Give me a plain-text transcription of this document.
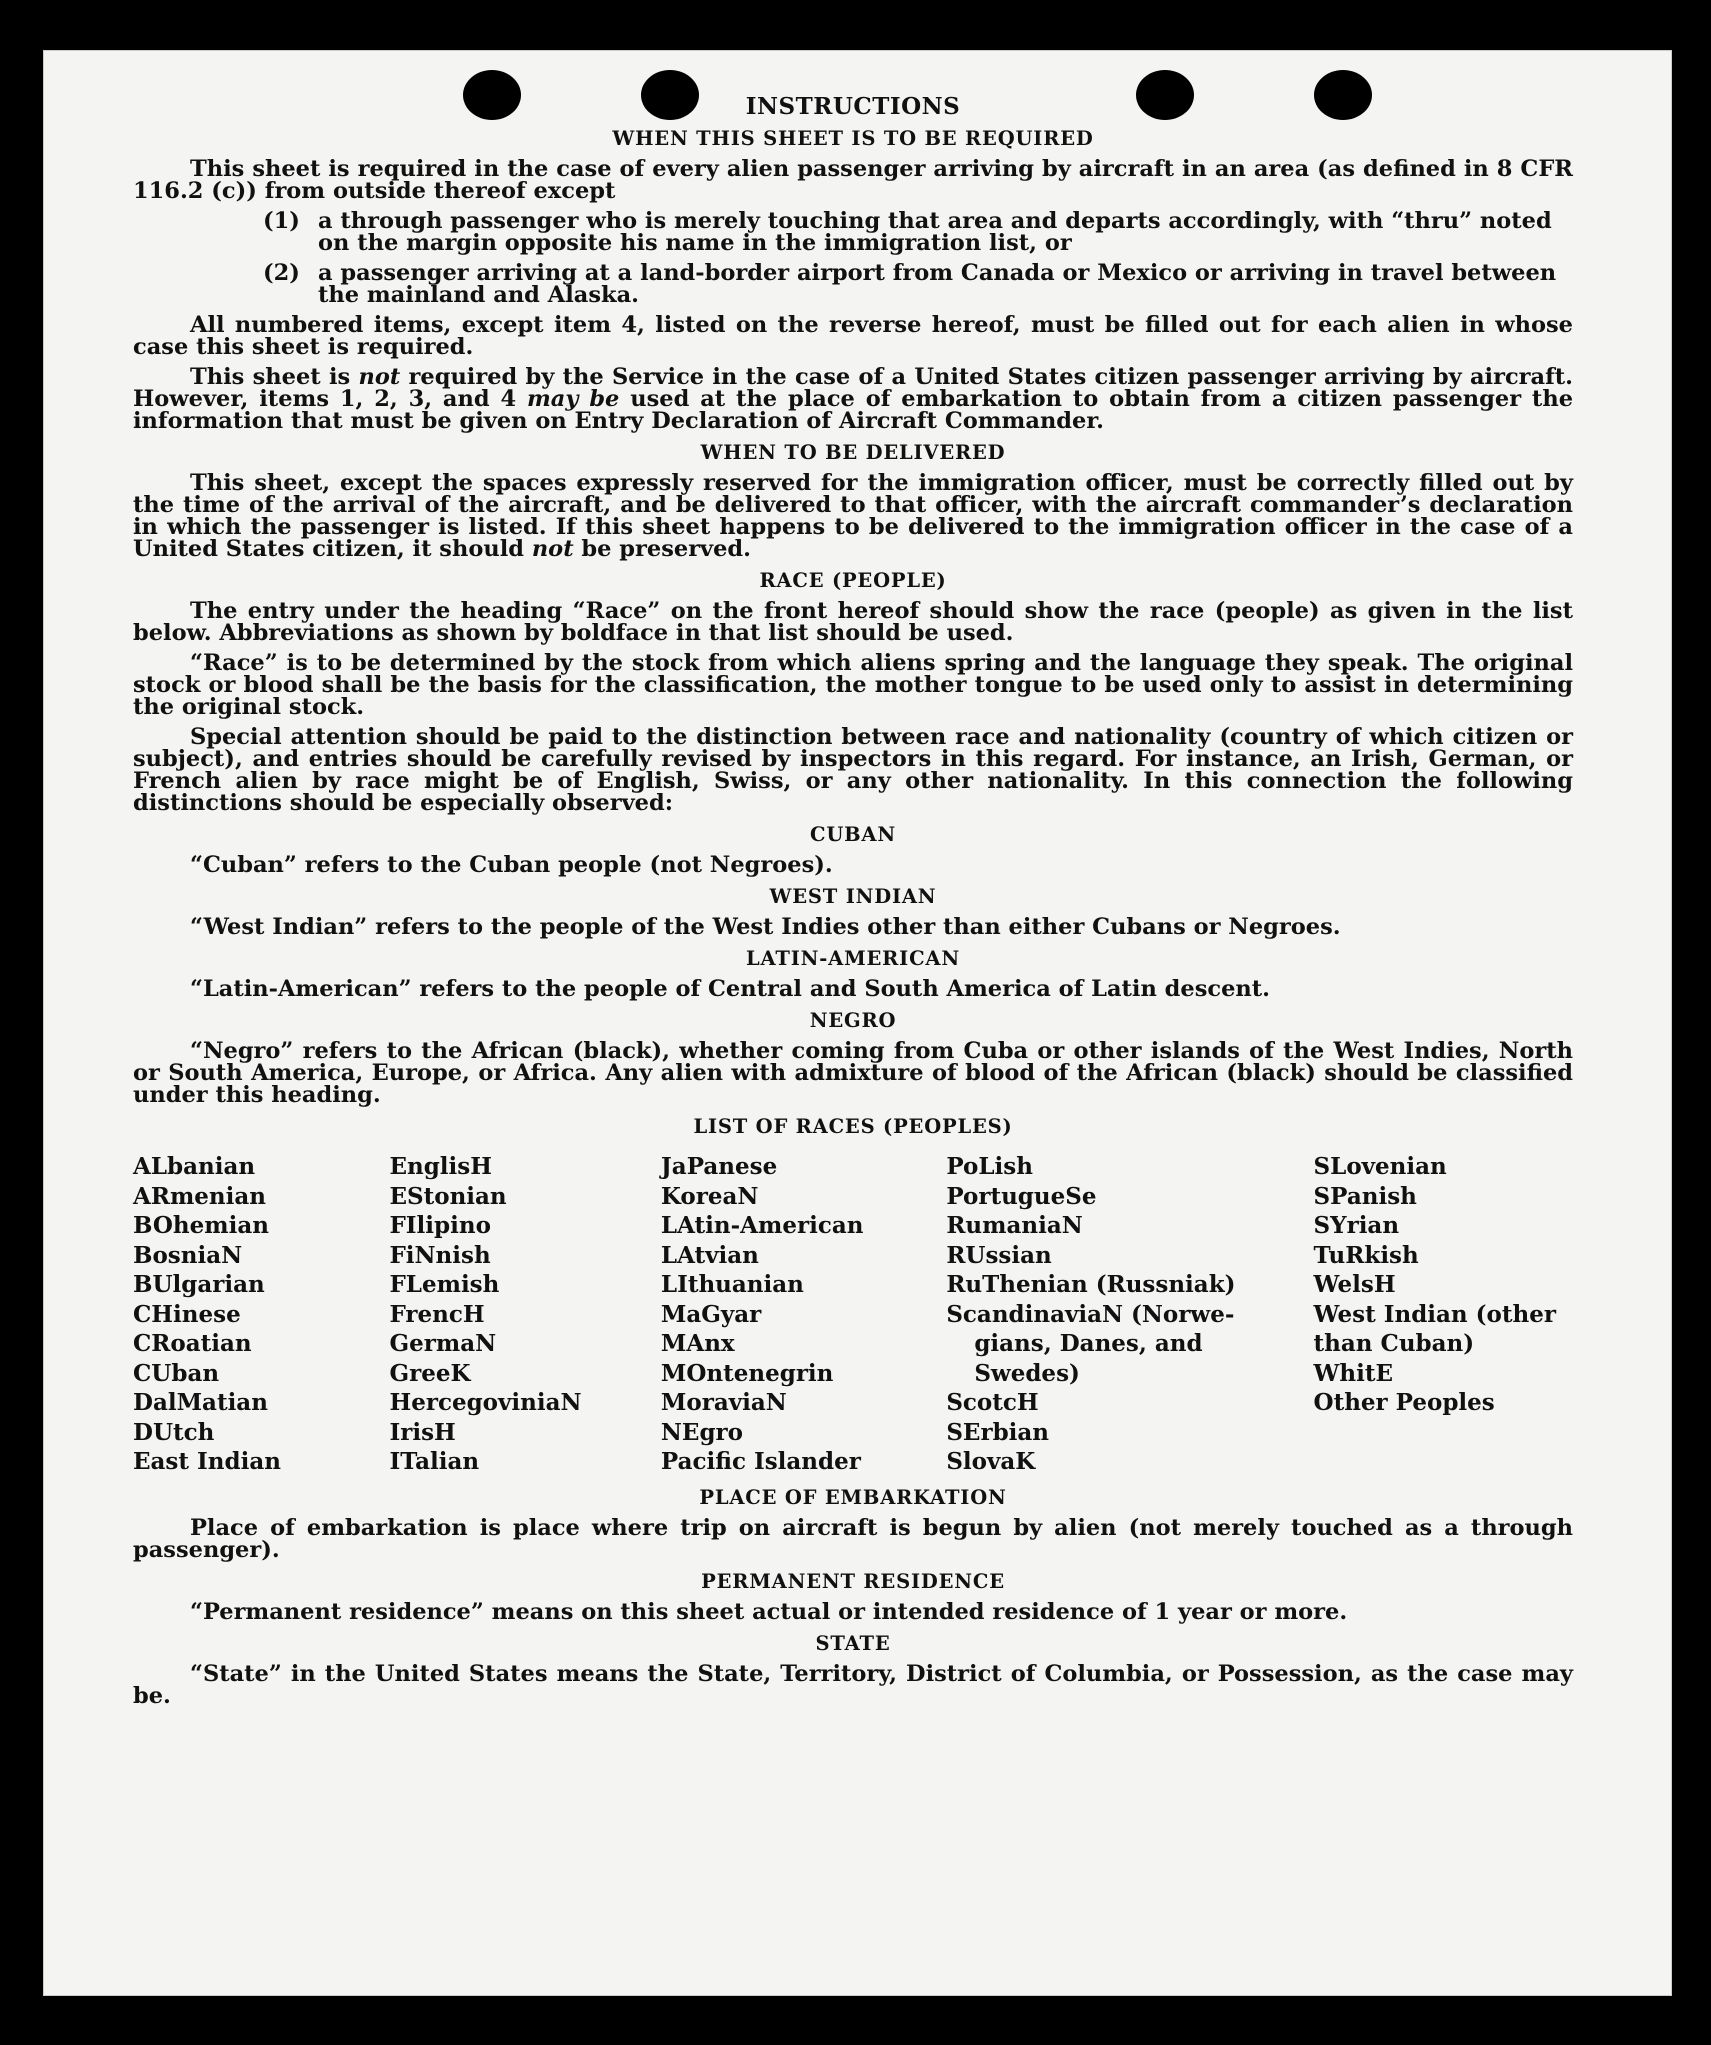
INSTRUCTIONS
WHEN THIS SHEET IS TO BE REQUIRED
This sheet is required in the case of every alien passenger arriving by aircraft in an area (as defined in 8 CFR 116.2 (c)) from outside thereof except
(1) a through passenger who is merely touching that area and departs accordingly, with “thru” noted on the margin opposite his name in the immigration list, or
(2) a passenger arriving at a land-border airport from Canada or Mexico or arriving in travel between the mainland and Alaska.
All numbered items, except item 4, listed on the reverse hereof, must be filled out for each alien in whose case this sheet is required.
This sheet is not required by the Service in the case of a United States citizen passenger arriving by aircraft. However, items 1, 2, 3, and 4 may be used at the place of embarkation to obtain from a citizen passenger the information that must be given on Entry Declaration of Aircraft Commander.
WHEN TO BE DELIVERED
This sheet, except the spaces expressly reserved for the immigration officer, must be correctly filled out by the time of the arrival of the aircraft, and be delivered to that officer, with the aircraft commander’s declaration in which the passenger is listed. If this sheet happens to be delivered to the immigration officer in the case of a United States citizen, it should not be preserved.
RACE (PEOPLE)
The entry under the heading “Race” on the front hereof should show the race (people) as given in the list below. Abbreviations as shown by boldface in that list should be used.
“Race” is to be determined by the stock from which aliens spring and the language they speak. The original stock or blood shall be the basis for the classification, the mother tongue to be used only to assist in determining the original stock.
Special attention should be paid to the distinction between race and nationality (country of which citizen or subject), and entries should be carefully revised by inspectors in this regard. For instance, an Irish, German, or French alien by race might be of English, Swiss, or any other nationality. In this connection the following distinctions should be especially observed:
CUBAN
“Cuban” refers to the Cuban people (not Negroes).
WEST INDIAN
“West Indian” refers to the people of the West Indies other than either Cubans or Negroes.
LATIN-AMERICAN
“Latin-American” refers to the people of Central and South America of Latin descent.
NEGRO
“Negro” refers to the African (black), whether coming from Cuba or other islands of the West Indies, North or South America, Europe, or Africa. Any alien with admixture of blood of the African (black) should be classified under this heading.
LIST OF RACES (PEOPLES)
ALbanian
ARmenian
BOhemian
BosniaN
BUlgarian
CHinese
CRoatian
CUban
DalMatian
DUtch
East Indian
EnglisH
EStonian
FIlipino
FiNnish
FLemish
FrencH
GermaN
GreeK
HercegoviniaN
IrisH
ITalian
JaPanese
KoreaN
LAtin-American
LAtvian
LIthuanian
MaGyar
MAnx
MOntenegrin
MoraviaN
NEgro
Pacific Islander
PoLish
PortugueSe
RumaniaN
RUssian
RuThenian (Russniak)
ScandinaviaN (Norwe-
gians, Danes, and
Swedes)
ScotcH
SErbian
SlovaK
SLovenian
SPanish
SYrian
TuRkish
WelsH
West Indian (other
than Cuban)
WhitE
Other Peoples
PLACE OF EMBARKATION
Place of embarkation is place where trip on aircraft is begun by alien (not merely touched as a through passenger).
PERMANENT RESIDENCE
“Permanent residence” means on this sheet actual or intended residence of 1 year or more.
STATE
“State” in the United States means the State, Territory, District of Columbia, or Possession, as the case may be.
